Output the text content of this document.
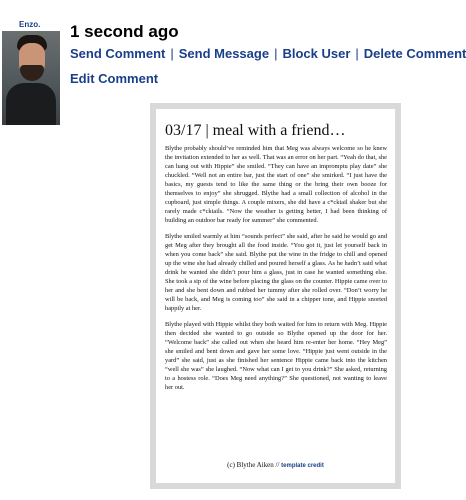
Enzo. 1 second ago
Send Comment | Send Message | Block User | Delete Comment
Edit Comment
03/17 | meal with a friend…

Blythe probably should’ve reminded him that Meg was always welcome so he knew the invitation extended to her as well. That was an error on her part. “Yeah do that, she can hang out with Hippie” she smiled. “They can have an impromptu play date” she chuckled. “Well not an entire bar, just the start of one” she smirked. “I just have the basics, my guests tend to like the same thing or the bring their own booze for themselves to enjoy” she shrugged. Blythe had a small collection of alcohol in the cupboard, just simple things. A couple mixers, she did have a c*cktail shaker but she rarely made c*cktails. “Now the weather is getting better, I had been thinking of building an outdoor bar ready for summer” she commented.

Blythe smiled warmly at him “sounds perfect” she said, after he said he would go and get Meg after they brought all the food inside. “You got it, just let yourself back in when you come back” she said. Blythe put the wine in the fridge to chill and opened up the wine she had already chilled and poured herself a glass. As he hadn’t said what drink he wanted she didn’t pour him a glass, just in case he wanted something else. She took a sip of the wine before placing the glass on the counter. Hippie came over to her and she bent down and rubbed her tummy after she rolled over. “Don’t worry he will be back, and Meg is coming too” she said in a chipper tone, and Hippie snorted happily at her.

Blythe played with Hippie whilst they both waited for him to return with Meg. Hippie then decided she wanted to go outside so Blythe opened up the door for her. “Welcome back” she called out when she heard him re-enter her home. “Hey Meg” she smiled and bent down and gave her some love. “Hippie just went outside in the yard” she said, just as she finished her sentence Hippie came back into the kitchen “well she was” she laughed. “Now what can I get to you drink?” She asked, returning to a hostess role. “Does Meg need anything?” She questioned, not wanting to leave her out.

(c) Blythe Aiken // template credit
